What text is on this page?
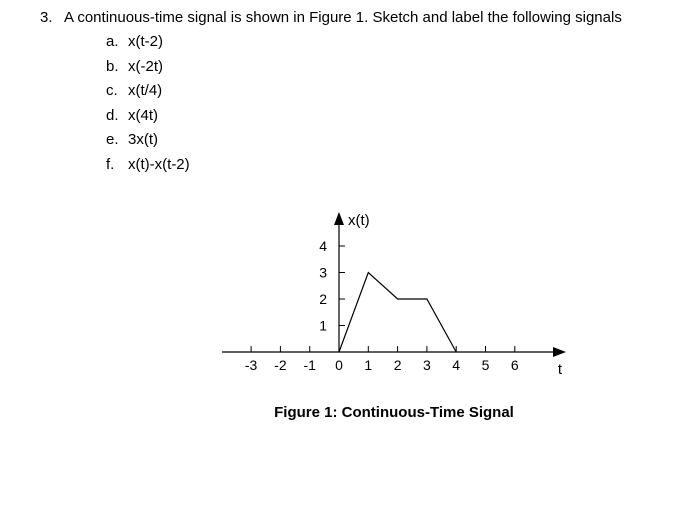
3. A continuous-time signal is shown in Figure 1. Sketch and label the following signals
a. x(t-2)
b. x(-2t)
c. x(t/4)
d. x(4t)
e. 3x(t)
f. x(t)-x(t-2)
-3 -2 -1 0 1 2 3 4 5 6
1
2
3
4
x(t)
t
Figure 1: Continuous-Time Signal
